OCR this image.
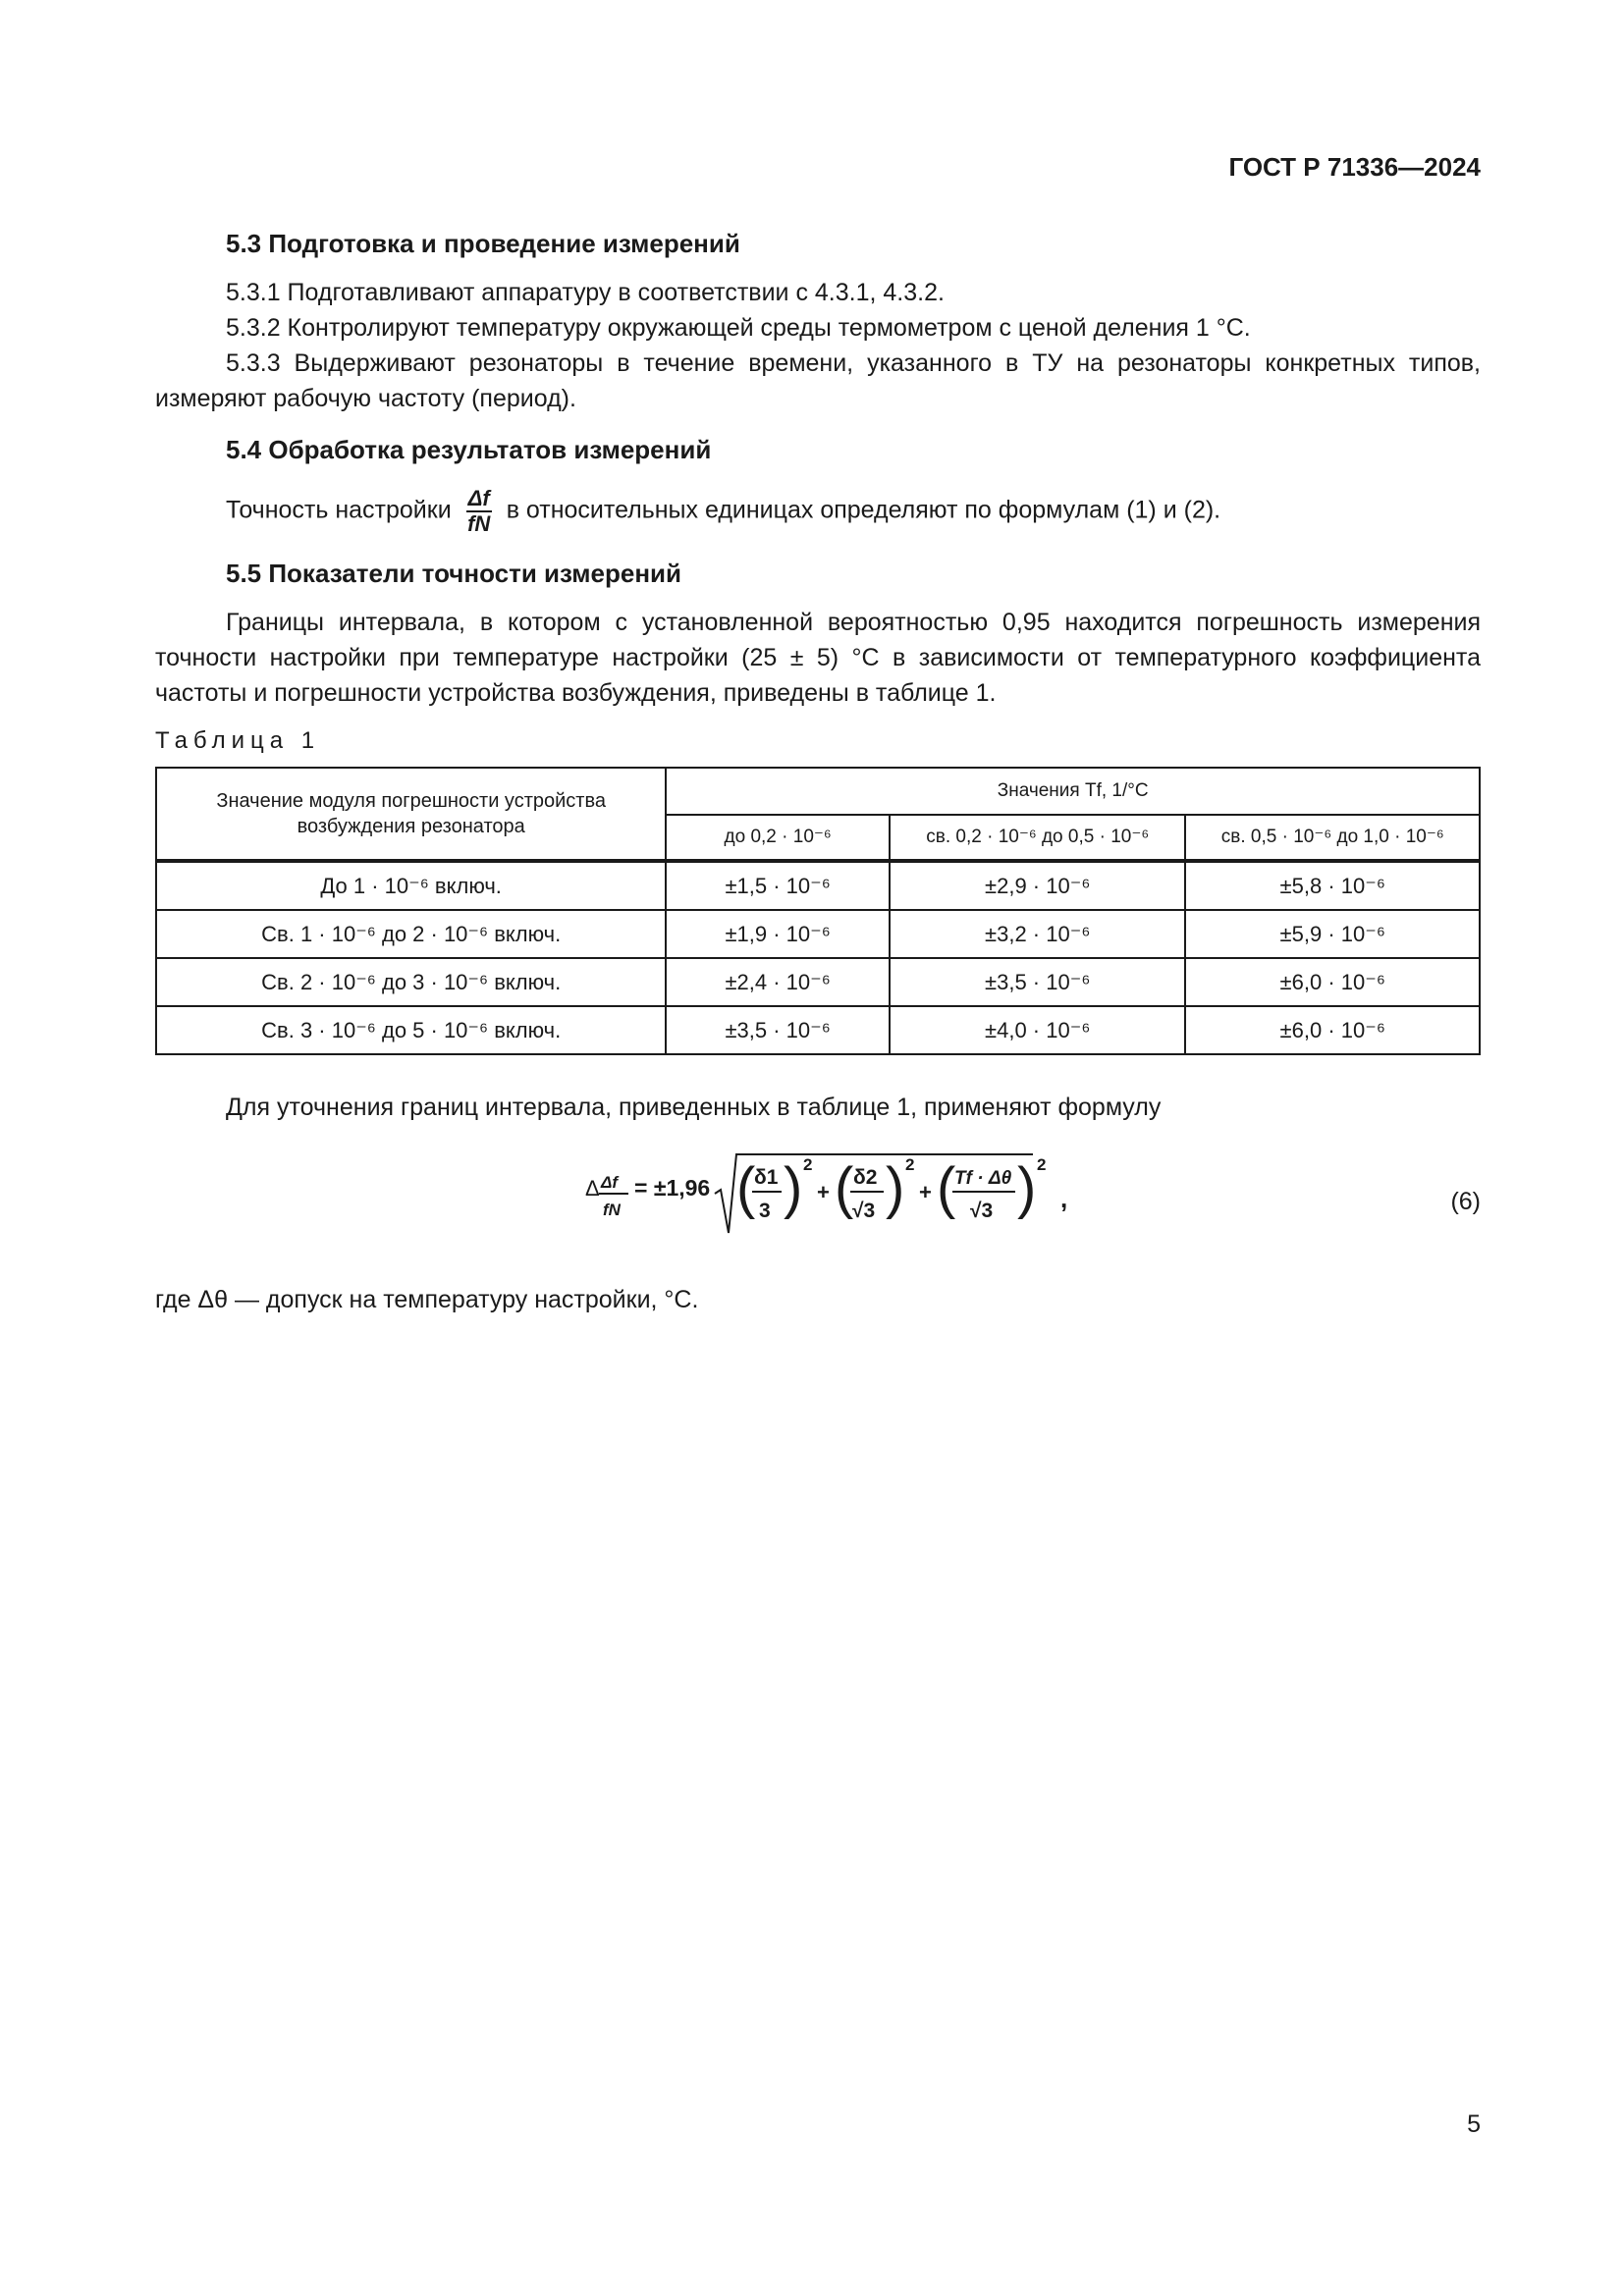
ГОСТ Р 71336—2024
5.3 Подготовка и проведение измерений
5.3.1 Подготавливают аппаратуру в соответствии с 4.3.1, 4.3.2.
5.3.2 Контролируют температуру окружающей среды термометром с ценой деления 1 °С.
5.3.3 Выдерживают резонаторы в течение времени, указанного в ТУ на резонаторы конкретных типов, измеряют рабочую частоту (период).
5.4 Обработка результатов измерений
Точность настройки $\frac{\Delta f}{fN}$ в относительных единицах определяют по формулам (1) и (2).
5.5 Показатели точности измерений
Границы интервала, в котором с установленной вероятностью 0,95 находится погрешность измерения точности настройки при температуре настройки (25 ± 5) °С в зависимости от температурного коэффициента частоты и погрешности устройства возбуждения, приведены в таблице 1.
Таблица 1
Значение модуля погрешности устройства возбуждения резонатора	Значения Tf, 1/°С		
	до 0,2 · 10⁻⁶	св. 0,2 · 10⁻⁶ до 0,5 · 10⁻⁶	св. 0,5 · 10⁻⁶ до 1,0 · 10⁻⁶
До 1 · 10⁻⁶ включ.	±1,5 · 10⁻⁶	±2,9 · 10⁻⁶	±5,8 · 10⁻⁶
Св. 1 · 10⁻⁶ до 2 · 10⁻⁶ включ.	±1,9 · 10⁻⁶	±3,2 · 10⁻⁶	±5,9 · 10⁻⁶
Св. 2 · 10⁻⁶ до 3 · 10⁻⁶ включ.	±2,4 · 10⁻⁶	±3,5 · 10⁻⁶	±6,0 · 10⁻⁶
Св. 3 · 10⁻⁶ до 5 · 10⁻⁶ включ.	±3,5 · 10⁻⁶	±4,0 · 10⁻⁶	±6,0 · 10⁻⁶
Для уточнения границ интервала, приведенных в таблице 1, применяют формулу
Δ Δf
fN
= ±1,96 (
δ1
3 ) 2
+ ( δ2
√3 ) 2
+ (
Tf · Δθ
√3 ) 2
,	(6)
где Δθ — допуск на температуру настройки, °С.
5
